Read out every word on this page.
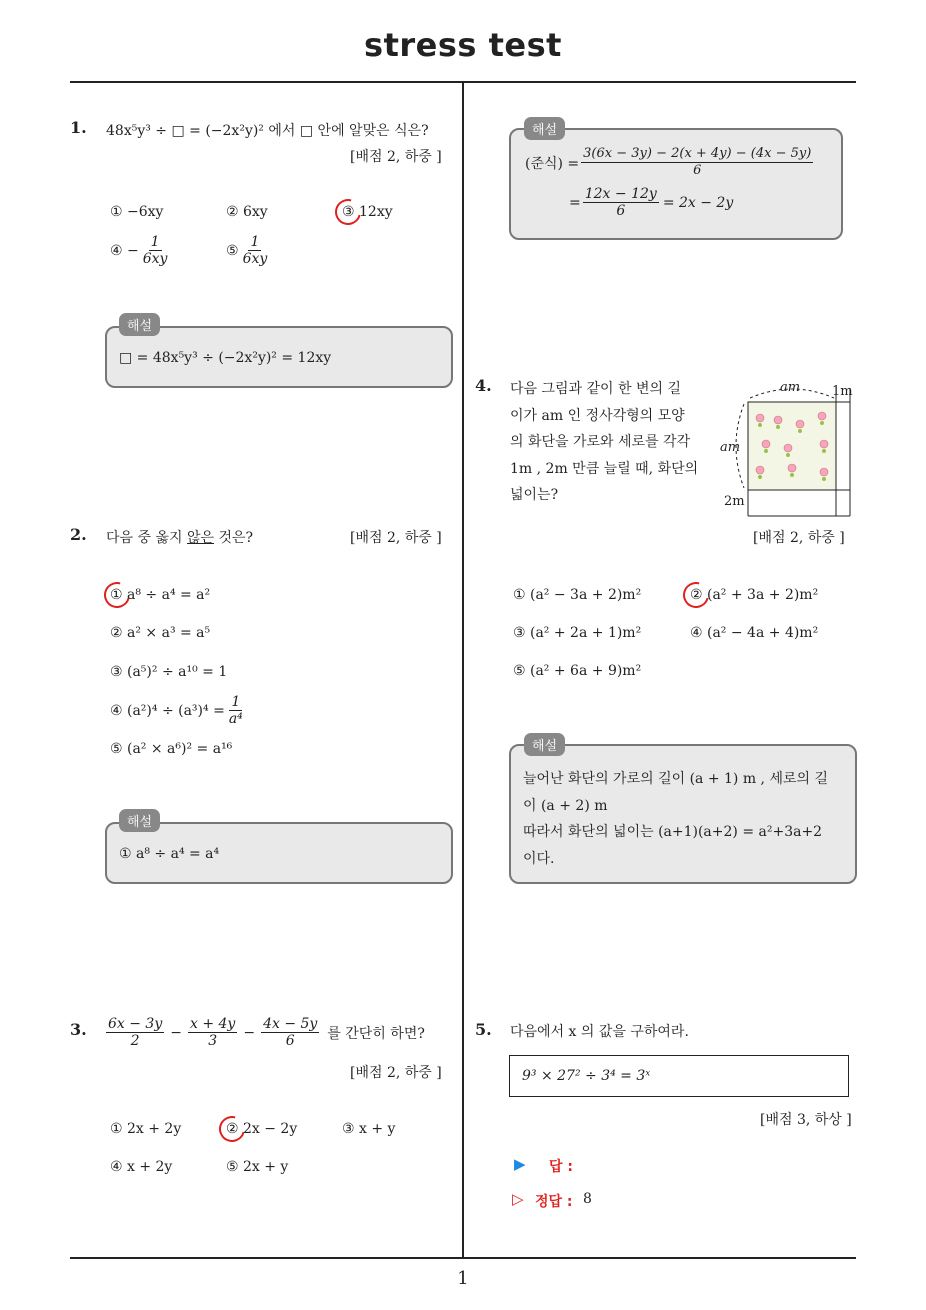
stress test
1. 48x⁵y³ ÷ □ = (−2x²y)² 에서 □ 안에 알맞은 식은?
[배점 2, 하중 ]
① −6xy	② 6xy	③ 12xy
④ − $\frac{1}{6xy}$	⑤ $\frac{1}{6xy}$
□ = 48x⁵y³ ÷ (−2x²y)² = 12xy
해설
2. 다음 중 옳지 않은 것은?	[배점 2, 하중 ]
① a⁸ ÷ a⁴ = a²
② a² × a³ = a⁵
③ (a⁵)² ÷ a¹⁰ = 1
④ $(a^2)^4 \div (a^3)^4 = \frac{1}{\text{a⁴}}$
⑤ (a² × a⁶)² = a¹⁶
① a⁸ ÷ a⁴ = a⁴
해설
3. $\frac{6x - 3y}{2} - \frac{x + 4y}{3} - \frac{4x - 5y}{6}$ 를 간단히 하면?
[배점 2, 하중 ]
① 2x + 2y	② 2x − 2y	③ x + y
④ x + 2y	⑤ 2x + y
(준식) = $\frac{3(6x - 3y) - 2(x + 4y) - (4x - 5y)}{6}$
= $\frac{12x - 12y}{6} = 2x - 2y$
해설
4. 다음 그림과 같이 한 변의 길
이가 am 인 정사각형의 모양
의 화단을 가로와 세로를 각각
1m , 2m 만큼 늘릴 때, 화단의
넓이는?
am
am
1m
2m
[배점 2, 하중 ]
① (a² − 3a + 2)m²	② (a² + 3a + 2)m²
③ (a² + 2a + 1)m²	④ (a² − 4a + 4)m²
⑤ (a² + 6a + 9)m²
늘어난 화단의 가로의 길이 (a + 1) m , 세로의 길
이 (a + 2) m
따라서 화단의 넓이는 (a+1)(a+2) = a²+3a+2
이다.
해설
5. 다음에서 x 의 값을 구하여라.
9³ × 27² ÷ 3⁴ = 3ˣ
[배점 3, 하상 ]
▶ 답 :
▷ 정답 : 8
1
